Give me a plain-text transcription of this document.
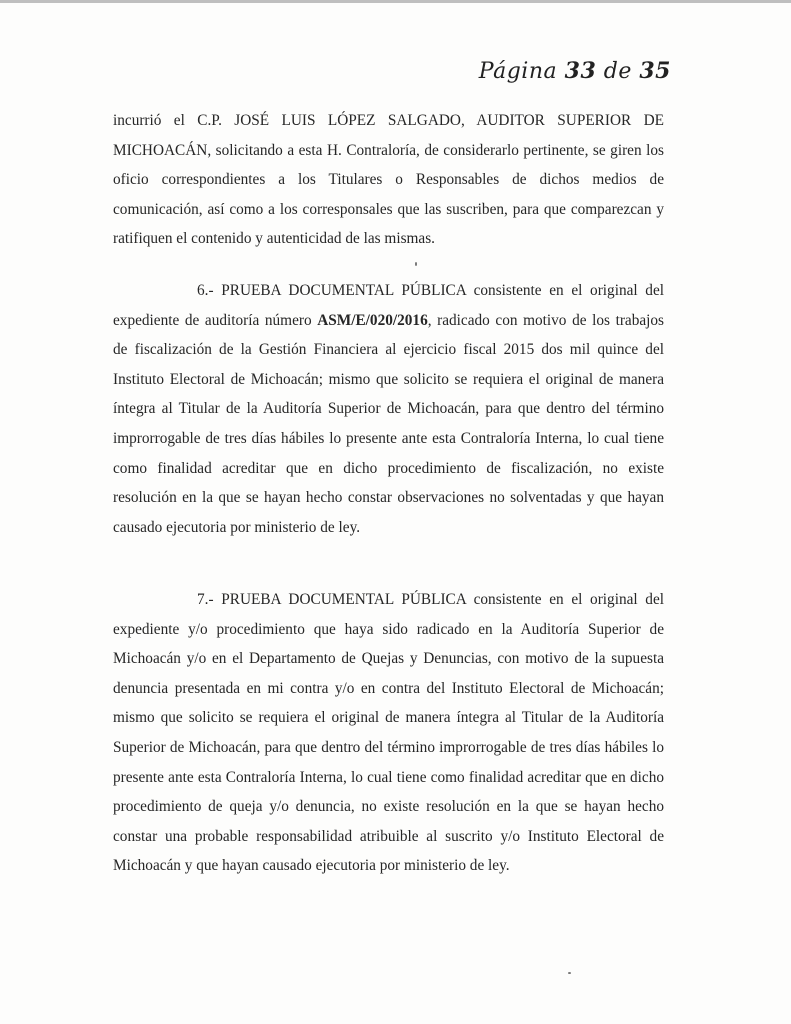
Página 33 de 35

incurrió el C.P. JOSÉ LUIS LÓPEZ SALGADO, AUDITOR SUPERIOR DE MICHOACÁN, solicitando a esta H. Contraloría, de considerarlo pertinente, se giren los oficio correspondientes a los Titulares o Responsables de dichos medios de comunicación, así como a los corresponsales que las suscriben, para que comparezcan y ratifiquen el contenido y autenticidad de las mismas.

6.- PRUEBA DOCUMENTAL PÚBLICA consistente en el original del expediente de auditoría número ASM/E/020/2016, radicado con motivo de los trabajos de fiscalización de la Gestión Financiera al ejercicio fiscal 2015 dos mil quince del Instituto Electoral de Michoacán; mismo que solicito se requiera el original de manera íntegra al Titular de la Auditoría Superior de Michoacán, para que dentro del término improrrogable de tres días hábiles lo presente ante esta Contraloría Interna, lo cual tiene como finalidad acreditar que en dicho procedimiento de fiscalización, no existe resolución en la que se hayan hecho constar observaciones no solventadas y que hayan causado ejecutoria por ministerio de ley.

7.- PRUEBA DOCUMENTAL PÚBLICA consistente en el original del expediente y/o procedimiento que haya sido radicado en la Auditoría Superior de Michoacán y/o en el Departamento de Quejas y Denuncias, con motivo de la supuesta denuncia presentada en mi contra y/o en contra del Instituto Electoral de Michoacán; mismo que solicito se requiera el original de manera íntegra al Titular de la Auditoría Superior de Michoacán, para que dentro del término improrrogable de tres días hábiles lo presente ante esta Contraloría Interna, lo cual tiene como finalidad acreditar que en dicho procedimiento de queja y/o denuncia, no existe resolución en la que se hayan hecho constar una probable responsabilidad atribuible al suscrito y/o Instituto Electoral de Michoacán y que hayan causado ejecutoria por ministerio de ley.
